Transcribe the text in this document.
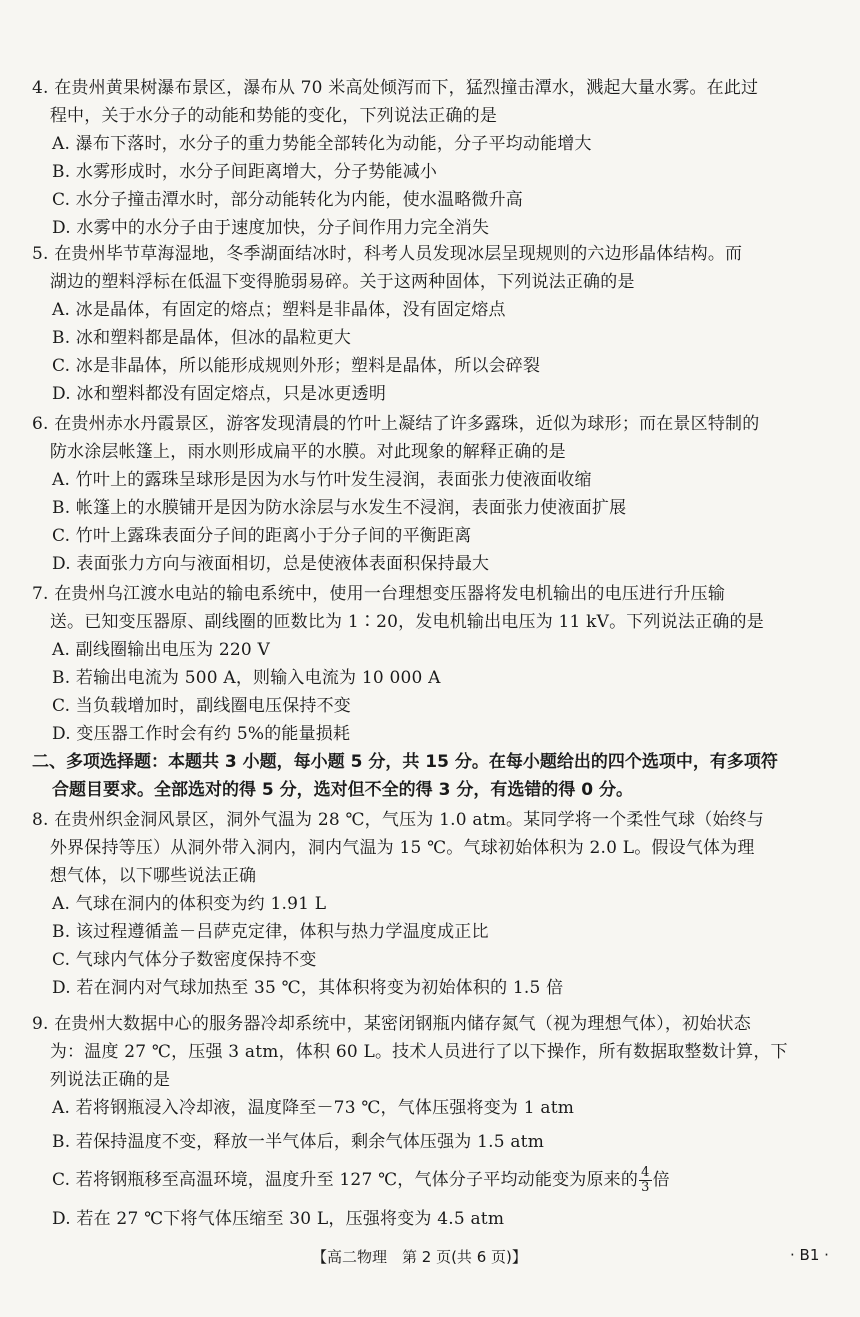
4. 在贵州黄果树瀑布景区，瀑布从 70 米高处倾泻而下，猛烈撞击潭水，溅起大量水雾。在此过
程中，关于水分子的动能和势能的变化，下列说法正确的是

A. 瀑布下落时，水分子的重力势能全部转化为动能，分子平均动能增大

B. 水雾形成时，水分子间距离增大，分子势能减小

C. 水分子撞击潭水时，部分动能转化为内能，使水温略微升高

D. 水雾中的水分子由于速度加快，分子间作用力完全消失

5. 在贵州毕节草海湿地，冬季湖面结冰时，科考人员发现冰层呈现规则的六边形晶体结构。而
湖边的塑料浮标在低温下变得脆弱易碎。关于这两种固体，下列说法正确的是

A. 冰是晶体，有固定的熔点；塑料是非晶体，没有固定熔点

B. 冰和塑料都是晶体，但冰的晶粒更大

C. 冰是非晶体，所以能形成规则外形；塑料是晶体，所以会碎裂

D. 冰和塑料都没有固定熔点，只是冰更透明

6. 在贵州赤水丹霞景区，游客发现清晨的竹叶上凝结了许多露珠，近似为球形；而在景区特制的
防水涂层帐篷上，雨水则形成扁平的水膜。对此现象的解释正确的是

A. 竹叶上的露珠呈球形是因为水与竹叶发生浸润，表面张力使液面收缩

B. 帐篷上的水膜铺开是因为防水涂层与水发生不浸润，表面张力使液面扩展

C. 竹叶上露珠表面分子间的距离小于分子间的平衡距离

D. 表面张力方向与液面相切，总是使液体表面积保持最大

7. 在贵州乌江渡水电站的输电系统中，使用一台理想变压器将发电机输出的电压进行升压输
送。已知变压器原、副线圈的匝数比为 1∶20，发电机输出电压为 11 kV。下列说法正确的是

A. 副线圈输出电压为 220 V

B. 若输出电流为 500 A，则输入电流为 10 000 A

C. 当负载增加时，副线圈电压保持不变

D. 变压器工作时会有约 5%的能量损耗

二、多项选择题：本题共 3 小题，每小题 5 分，共 15 分。在每小题给出的四个选项中，有多项符
合题目要求。全部选对的得 5 分，选对但不全的得 3 分，有选错的得 0 分。

8. 在贵州织金洞风景区，洞外气温为 28 ℃，气压为 1.0 atm。某同学将一个柔性气球（始终与
外界保持等压）从洞外带入洞内，洞内气温为 15 ℃。气球初始体积为 2.0 L。假设气体为理
想气体，以下哪些说法正确

A. 气球在洞内的体积变为约 1.91 L

B. 该过程遵循盖－吕萨克定律，体积与热力学温度成正比

C. 气球内气体分子数密度保持不变

D. 若在洞内对气球加热至 35 ℃，其体积将变为初始体积的 1.5 倍

9. 在贵州大数据中心的服务器冷却系统中，某密闭钢瓶内储存氮气（视为理想气体），初始状态
为：温度 27 ℃，压强 3 atm，体积 60 L。技术人员进行了以下操作，所有数据取整数计算，下
列说法正确的是

A. 若将钢瓶浸入冷却液，温度降至－73 ℃，气体压强将变为 1 atm

B. 若保持温度不变，释放一半气体后，剩余气体压强为 1.5 atm

C. 若将钢瓶移至高温环境，温度升至 127 ℃，气体分子平均动能变为原来的 $\frac{4}{3}$ 倍

D. 若在 27 ℃下将气体压缩至 30 L，压强将变为 4.5 atm

【高二物理　第 2 页(共 6 页)】	· B1 ·
